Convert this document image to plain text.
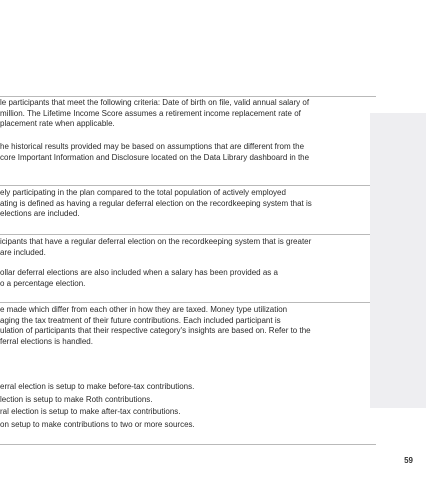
le participants that meet the following criteria: Date of birth on file, valid annual salary of
million. The Lifetime Income Score assumes a retirement income replacement rate of
placement rate when applicable.
he historical results provided may be based on assumptions that are different from the
core Important Information and Disclosure located on the Data Library dashboard in the
ely participating in the plan compared to the total population of actively employed
ating is defined as having a regular deferral election on the recordkeeping system that is
elections are included.
icipants that have a regular deferral election on the recordkeeping system that is greater
are included.
ollar deferral elections are also included when a salary has been provided as a
o a percentage election.
e made which differ from each other in how they are taxed. Money type utilization
aging the tax treatment of their future contributions. Each included participant is
ulation of participants that their respective category's insights are based on. Refer to the
ferral elections is handled.
erral election is setup to make before-tax contributions.
lection is setup to make Roth contributions.
ral election is setup to make after-tax contributions.
on setup to make contributions to two or more sources.
59
